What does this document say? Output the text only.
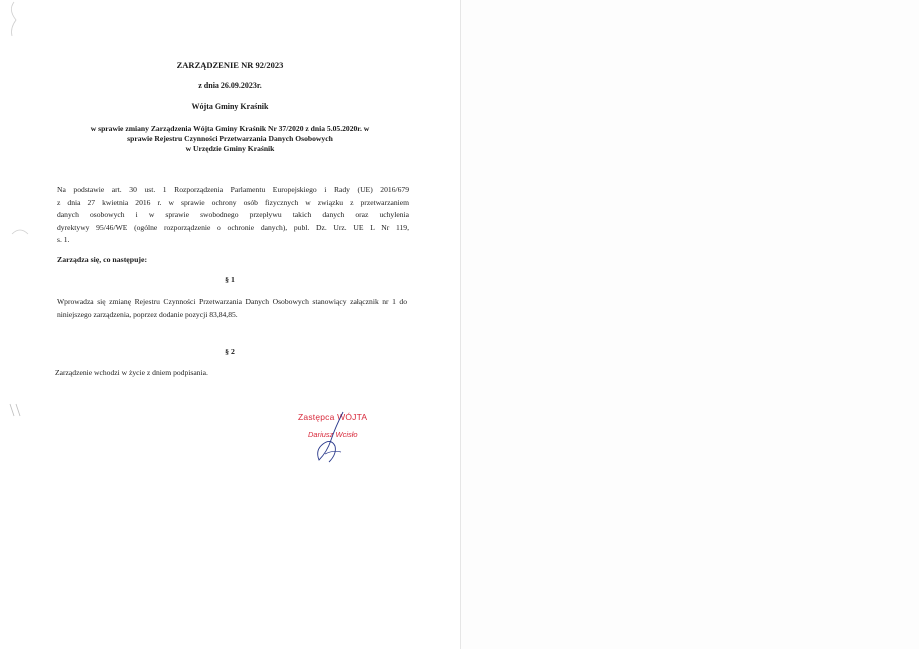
ZARZĄDZENIE NR 92/2023
z dnia 26.09.2023r.
Wójta Gminy Kraśnik
w sprawie zmiany Zarządzenia Wójta Gminy Kraśnik Nr 37/2020 z dnia 5.05.2020r. w
sprawie Rejestru Czynności Przetwarzania Danych Osobowych
w Urzędzie Gminy Kraśnik
Na podstawie art. 30 ust. 1 Rozporządzenia Parlamentu Europejskiego i Rady (UE) 2016/679
z dnia 27 kwietnia 2016 r. w sprawie ochrony osób fizycznych w związku z przetwarzaniem
danych osobowych i w sprawie swobodnego przepływu takich danych oraz uchylenia
dyrektywy 95/46/WE (ogólne rozporządzenie o ochronie danych), publ. Dz. Urz. UE L Nr 119,
s. 1.
Zarządza się, co następuje:
§ 1
Wprowadza się zmianę Rejestru Czynności Przetwarzania Danych Osobowych stanowiący załącznik nr 1 do niniejszego zarządzenia, poprzez dodanie pozycji 83,84,85.
§ 2
Zarządzenie wchodzi w życie z dniem podpisania.
Zastępca WÓJTA
Dariusz Wcisło
